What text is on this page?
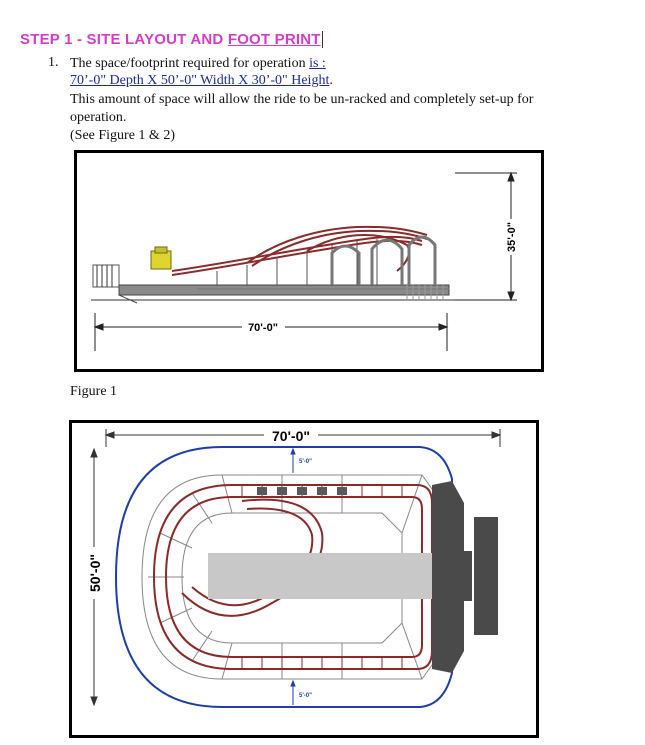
STEP 1 - SITE LAYOUT AND FOOT PRINT
1. The space/footprint required for operation is :
70’-0" Depth X 50’-0" Width X 30’-0" Height.
This amount of space will allow the ride to be un-racked and completely set-up for
operation.
(See Figure 1 & 2)
70'-0"
35'-0"
Figure 1
70'-0"
50'-0"
5'-0"
5'-0"
